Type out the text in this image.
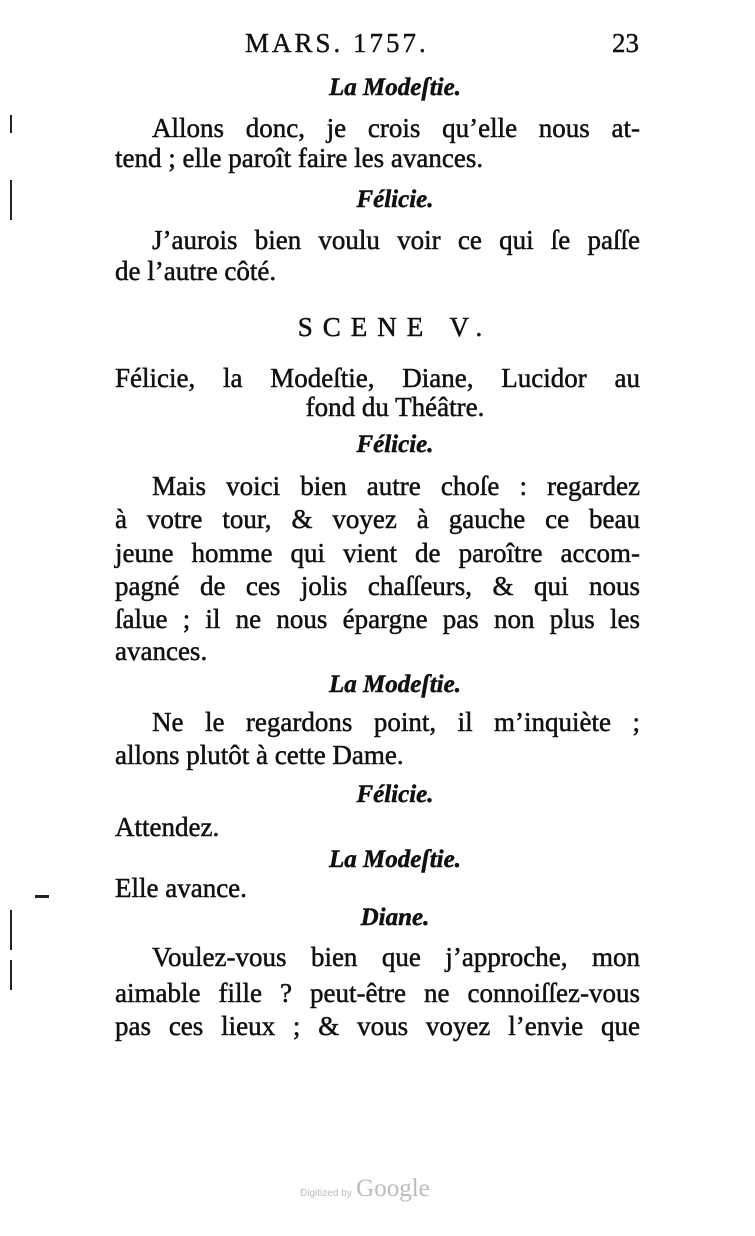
MARS. 1757.	23
La Modeſtie.
Allons donc, je crois qu’elle nous at-
tend ; elle paroît faire les avances.
Félicie.
J’aurois bien voulu voir ce qui ſe paſſe
de l’autre côté.
SCENE V.
Félicie, la Modeſtie, Diane, Lucidor au
fond du Théâtre.
Félicie.
Mais voici bien autre choſe : regardez
à votre tour, & voyez à gauche ce beau
jeune homme qui vient de paroître accom-
pagné de ces jolis chaſſeurs, & qui nous
ſalue ; il ne nous épargne pas non plus les
avances.
La Modeſtie.
Ne le regardons point, il m’inquiète ;
allons plutôt à cette Dame.
Félicie.
Attendez.
La Modeſtie.
Elle avance.
Diane.
Voulez-vous bien que j’approche, mon
aimable fille ? peut-être ne connoiſſez-vous
pas ces lieux ; & vous voyez l’envie que
Digitized by Google
